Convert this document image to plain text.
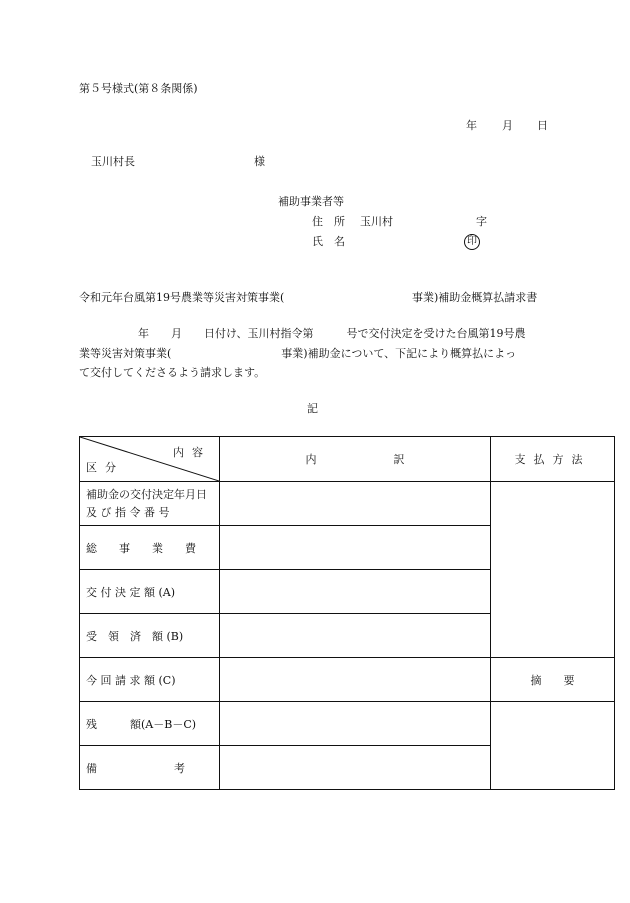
第５号様式(第８条関係)
年 月 日
玉川村長	様
補助事業者等
住　所 玉川村	字
氏　名	印
令和元年台風第19号農業等災害対策事業(	事業)補助金概算払請求書
年　　月　　日付け、玉川村指令第　　　号で交付決定を受けた台風第19号農
業等災害対策事業(　　　　　　　　　　事業)補助金について、下記により概算払によっ
て交付してくださるよう請求します。
記
内容
区分	内　　　　　　　訳	支払方法

補助金の交付決定年月日
及 び 指 令 番 号		

総　　事　　業　　費		
交 付 決 定 額 (A)		
受　領　済　額 (B)		
今 回 請 求 額 (C)		摘　　要
残　　　額(A－B－C)		
備　　　　　　　考		
